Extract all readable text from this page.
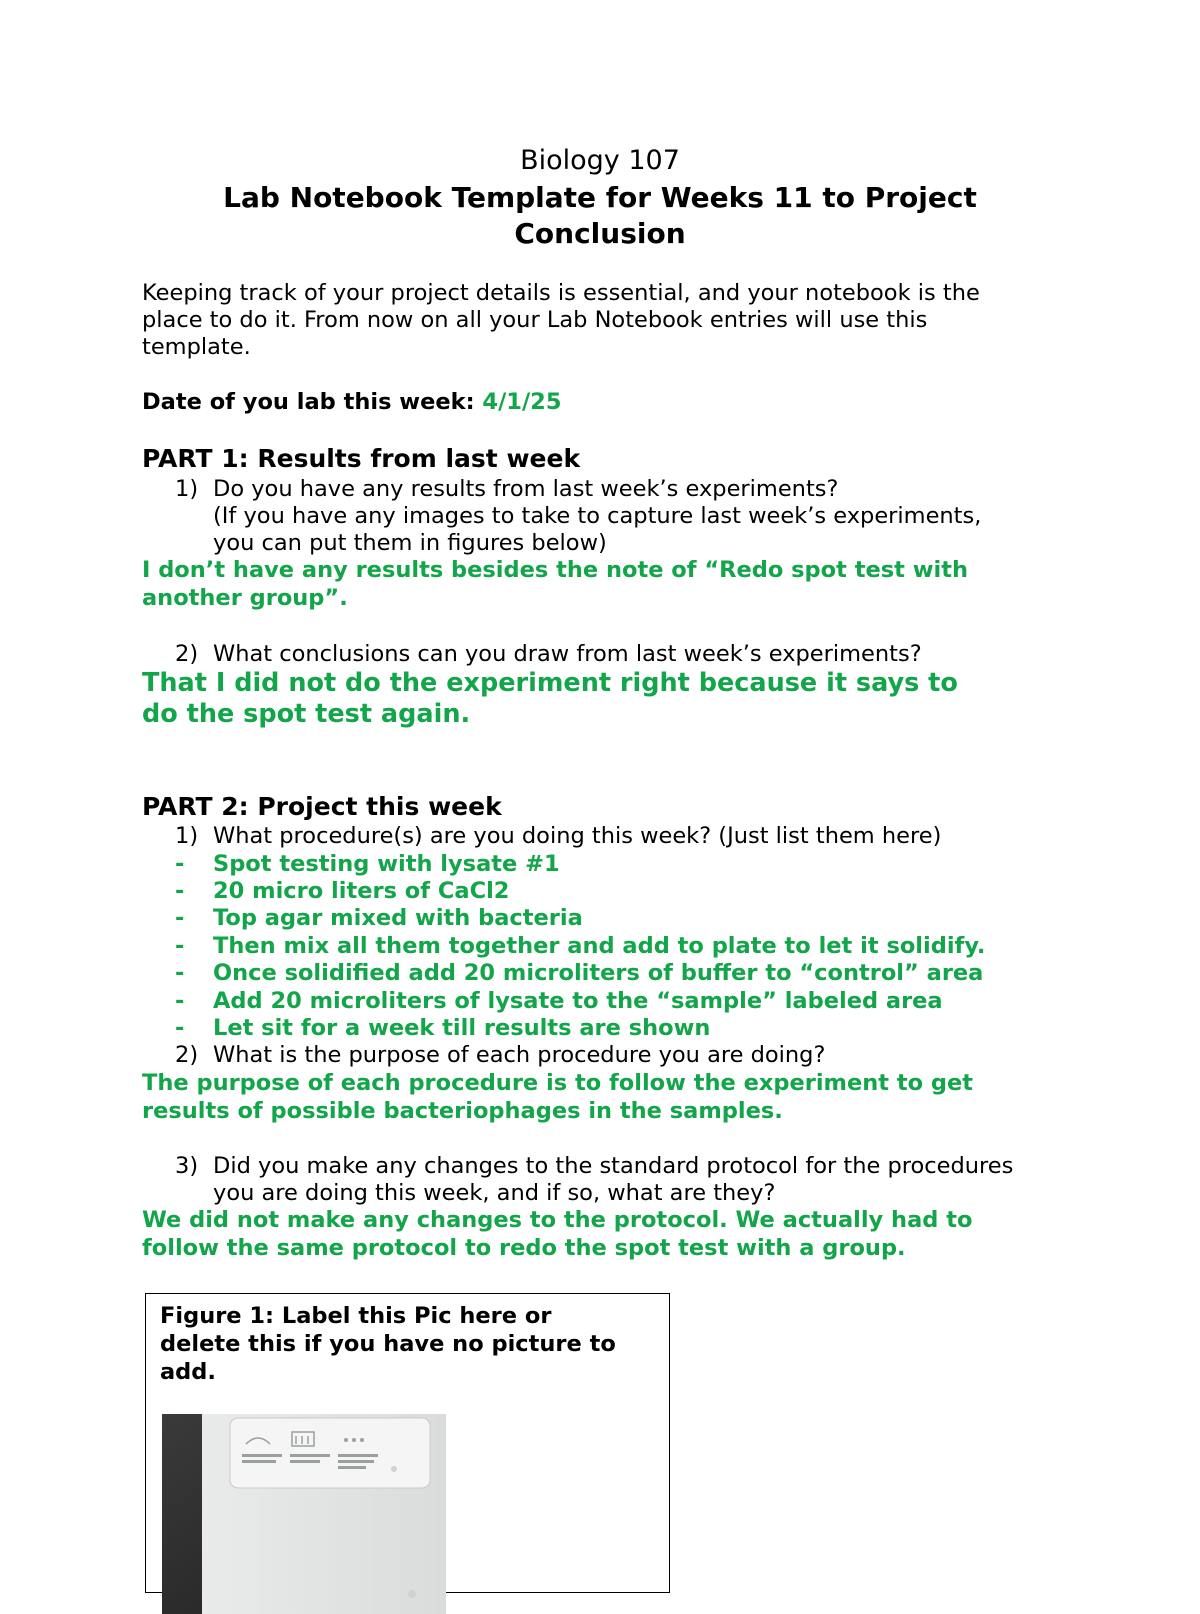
Biology 107
Lab Notebook Template for Weeks 11 to Project
Conclusion
Keeping track of your project details is essential, and your notebook is the
place to do it. From now on all your Lab Notebook entries will use this
template.
Date of you lab this week: 4/1/25
PART 1: Results from last week
1) Do you have any results from last week’s experiments?
(If you have any images to take to capture last week’s experiments,
you can put them in figures below)
I don’t have any results besides the note of “Redo spot test with
another group”.
2) What conclusions can you draw from last week’s experiments?
That I did not do the experiment right because it says to
do the spot test again.
PART 2: Project this week
1) What procedure(s) are you doing this week? (Just list them here)
- Spot testing with lysate #1
- 20 micro liters of CaCl2
- Top agar mixed with bacteria
- Then mix all them together and add to plate to let it solidify.
- Once solidified add 20 microliters of buffer to “control” area
- Add 20 microliters of lysate to the “sample” labeled area
- Let sit for a week till results are shown
2) What is the purpose of each procedure you are doing?
The purpose of each procedure is to follow the experiment to get
results of possible bacteriophages in the samples.
3) Did you make any changes to the standard protocol for the procedures
you are doing this week, and if so, what are they?
We did not make any changes to the protocol. We actually had to
follow the same protocol to redo the spot test with a group.
Figure 1: Label this Pic here or
delete this if you have no picture to
add.
